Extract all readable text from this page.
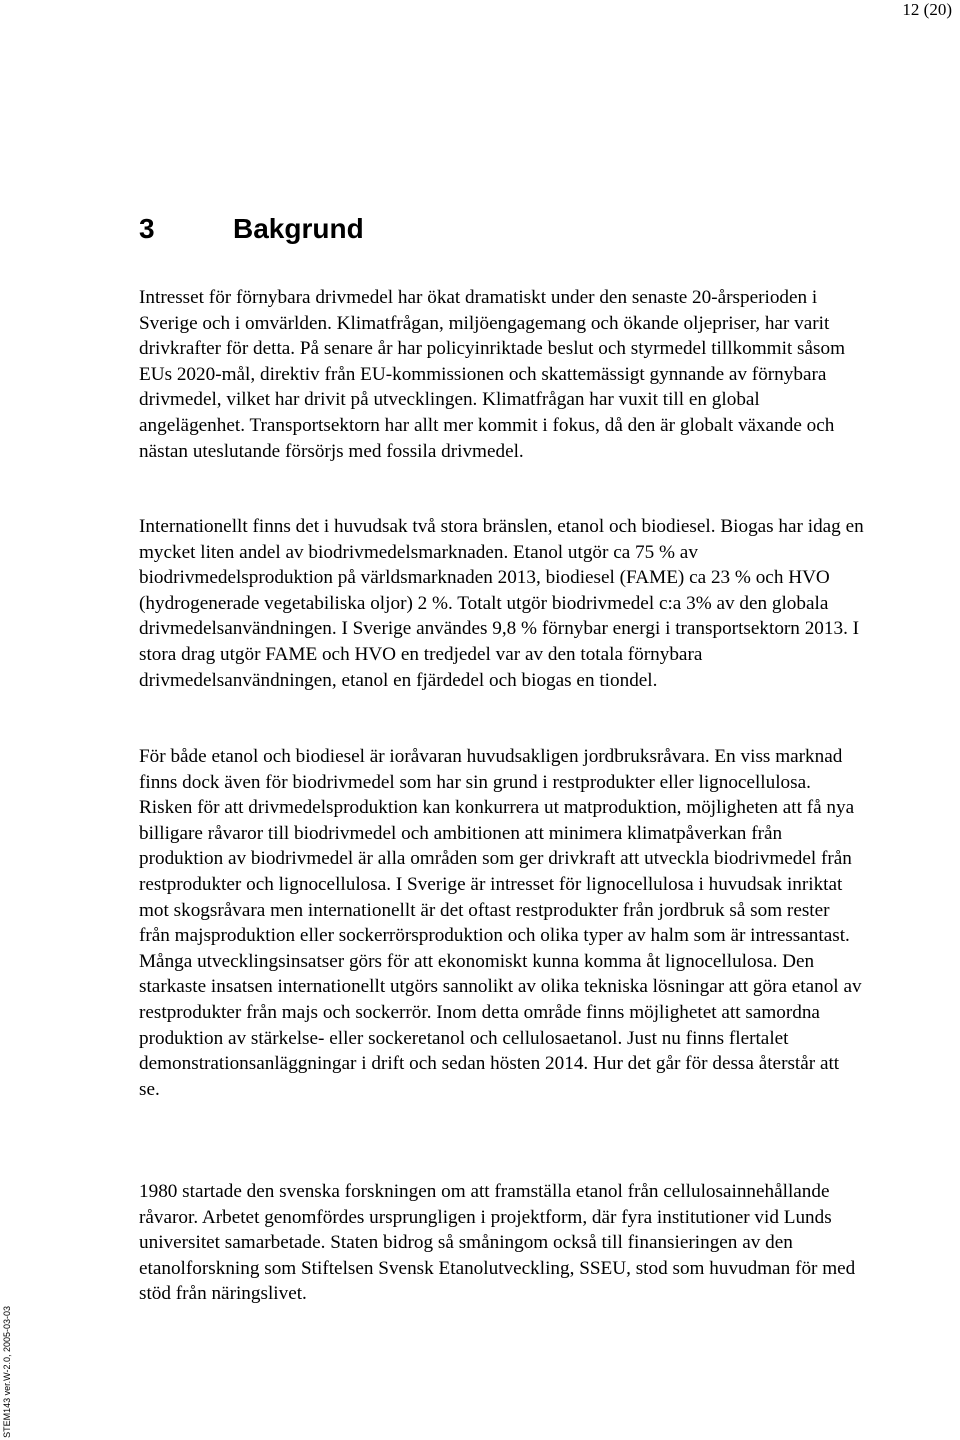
12 (20)
3	Bakgrund

Intresset för förnybara drivmedel har ökat dramatiskt under den senaste 20-årsperioden i Sverige och i omvärlden. Klimatfrågan, miljöengagemang och ökande oljepriser, har varit drivkrafter för detta. På senare år har policyinriktade beslut och styrmedel tillkommit såsom EUs 2020-mål, direktiv från EU-kommissionen och skattemässigt gynnande av förnybara drivmedel, vilket har drivit på utvecklingen. Klimatfrågan har vuxit till en global angelägenhet. Transportsektorn har allt mer kommit i fokus, då den är globalt växande och nästan uteslutande försörjs med fossila drivmedel.

Internationellt finns det i huvudsak två stora bränslen, etanol och biodiesel. Biogas har idag en mycket liten andel av biodrivmedelsmarknaden. Etanol utgör ca 75 % av biodrivmedelsproduktion på världsmarknaden 2013, biodiesel (FAME) ca 23 % och HVO (hydrogenerade vegetabiliska oljor) 2 %. Totalt utgör biodrivmedel c:a 3% av den globala drivmedelsanvändningen. I Sverige användes 9,8 % förnybar energi i transportsektorn 2013. I stora drag utgör FAME och HVO en tredjedel var av den totala förnybara drivmedelsanvändningen, etanol en fjärdedel och biogas en tiondel.

För både etanol och biodiesel är ioråvaran huvudsakligen jordbruksråvara. En viss marknad finns dock även för biodrivmedel som har sin grund i restprodukter eller lignocellulosa. Risken för att drivmedelsproduktion kan konkurrera ut matproduktion, möjligheten att få nya billigare råvaror till biodrivmedel och ambitionen att minimera klimatpåverkan från produktion av biodrivmedel är alla områden som ger drivkraft att utveckla biodrivmedel från restprodukter och lignocellulosa. I Sverige är intresset för lignocellulosa i huvudsak inriktat mot skogsråvara men internationellt är det oftast restprodukter från jordbruk så som rester från majsproduktion eller sockerrörsproduktion och olika typer av halm som är intressantast. Många utvecklingsinsatser görs för att ekonomiskt kunna komma åt lignocellulosa. Den starkaste insatsen internationellt utgörs sannolikt av olika tekniska lösningar att göra etanol av restprodukter från majs och sockerrör. Inom detta område finns möjlighetet att samordna produktion av stärkelse- eller sockeretanol och cellulosaetanol. Just nu finns flertalet demonstrationsanläggningar i drift och sedan hösten 2014. Hur det går för dessa återstår att se.

1980 startade den svenska forskningen om att framställa etanol från cellulosainnehållande råvaror. Arbetet genomfördes ursprungligen i projektform, där fyra institutioner vid Lunds universitet samarbetade. Staten bidrog så småningom också till finansieringen av den etanolforskning som Stiftelsen Svensk Etanolutveckling, SSEU, stod som huvudman för med stöd från näringslivet.

STEM143 ver.W-2.0, 2005-03-03
